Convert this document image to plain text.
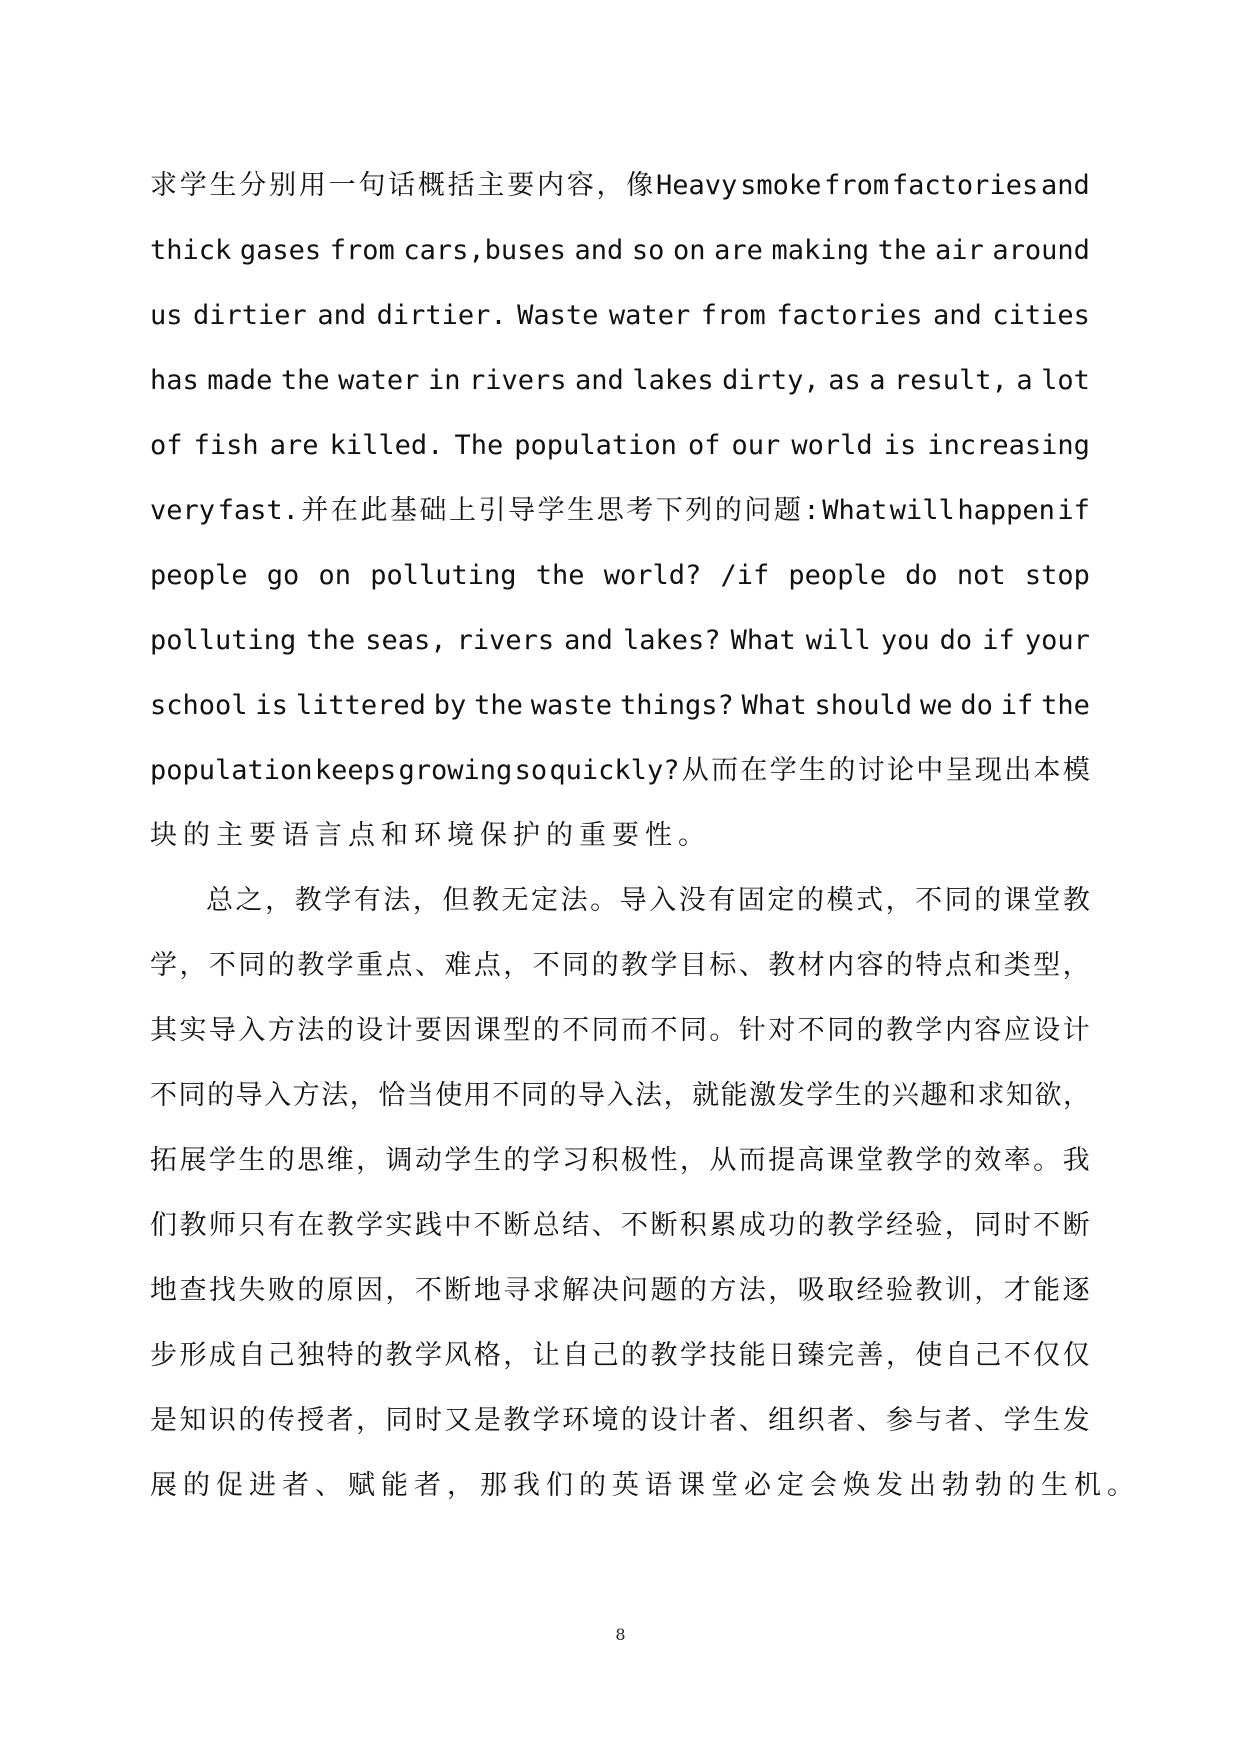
求 学 生 分 别 用 一 句 话 概 括 主 要 内 容 ， 像 Heavy smoke from factories and
thick gases from cars,buses and so on are making the air around
us dirtier and dirtier. Waste water from factories and cities
has made the water in rivers and lakes dirty, as a result, a lot
of fish are killed. The population of our world is increasing
very fast. 并 在 此 基 础 上 引 导 学 生 思 考 下 列 的 问 题 : What will happen if
people go on polluting the world? /if people do not stop
polluting the seas, rivers and lakes? What will you do if your
school is littered by the waste things? What should we do if the
population keeps growing so quickly? 从 而 在 学 生 的 讨 论 中 呈 现 出 本 模
块 的 主 要 语 言 点 和 环 境 保 护 的 重 要 性 。
总 之 ， 教 学 有 法 ， 但 教 无 定 法 。 导 入 没 有 固 定 的 模 式 ， 不 同 的 课 堂 教
学 ， 不 同 的 教 学 重 点 、 难 点 ， 不 同 的 教 学 目 标 、 教 材 内 容 的 特 点 和 类 型 ，
其 实 导 入 方 法 的 设 计 要 因 课 型 的 不 同 而 不 同 。 针 对 不 同 的 教 学 内 容 应 设 计
不 同 的 导 入 方 法 ， 恰 当 使 用 不 同 的 导 入 法 ， 就 能 激 发 学 生 的 兴 趣 和 求 知 欲 ，
拓 展 学 生 的 思 维 ， 调 动 学 生 的 学 习 积 极 性 ， 从 而 提 高 课 堂 教 学 的 效 率 。 我
们 教 师 只 有 在 教 学 实 践 中 不 断 总 结 、 不 断 积 累 成 功 的 教 学 经 验 ， 同 时 不 断
地 查 找 失 败 的 原 因 ， 不 断 地 寻 求 解 决 问 题 的 方 法 ， 吸 取 经 验 教 训 ， 才 能 逐
步 形 成 自 己 独 特 的 教 学 风 格 ， 让 自 己 的 教 学 技 能 日 臻 完 善 ， 使 自 己 不 仅 仅
是 知 识 的 传 授 者 ， 同 时 又 是 教 学 环 境 的 设 计 者 、 组 织 者 、 参 与 者 、 学 生 发
展 的 促 进 者 、 赋 能 者 ， 那 我 们 的 英 语 课 堂 必 定 会 焕 发 出 勃 勃 的 生 机 。
8
